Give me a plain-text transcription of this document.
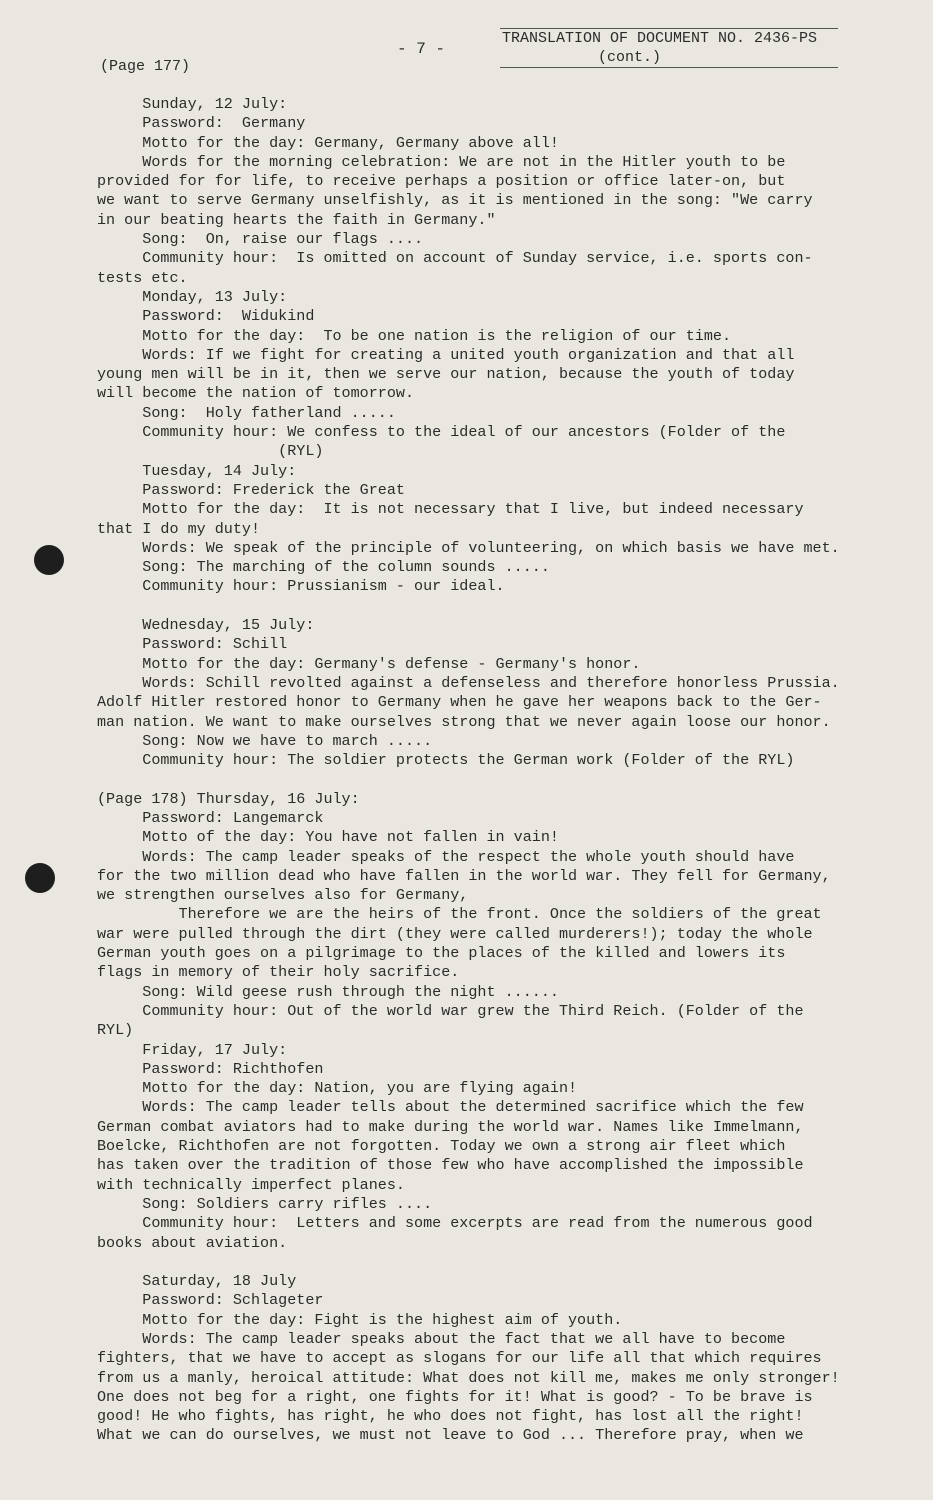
(Page 177)
- 7 -
TRANSLATION OF DOCUMENT NO. 2436-PS
(cont.)
Sunday, 12 July:
Password:  Germany
Motto for the day: Germany, Germany above all!
Words for the morning celebration: We are not in the Hitler youth to be
provided for for life, to receive perhaps a position or office later-on, but
we want to serve Germany unselfishly, as it is mentioned in the song: "We carry
in our beating hearts the faith in Germany."
Song:  On, raise our flags ....
Community hour:  Is omitted on account of Sunday service, i.e. sports con-
tests etc.
Monday, 13 July:
Password:  Widukind
Motto for the day:  To be one nation is the religion of our time.
Words: If we fight for creating a united youth organization and that all
young men will be in it, then we serve our nation, because the youth of today
will become the nation of tomorrow.
Song:  Holy fatherland .....
Community hour: We confess to the ideal of our ancestors (Folder of the
(RYL)
Tuesday, 14 July:
Password: Frederick the Great
Motto for the day:  It is not necessary that I live, but indeed necessary
that I do my duty!
Words: We speak of the principle of volunteering, on which basis we have met.
Song: The marching of the column sounds .....
Community hour: Prussianism - our ideal.
Wednesday, 15 July:
Password: Schill
Motto for the day: Germany's defense - Germany's honor.
Words: Schill revolted against a defenseless and therefore honorless Prussia.
Adolf Hitler restored honor to Germany when he gave her weapons back to the Ger-
man nation. We want to make ourselves strong that we never again loose our honor.
Song: Now we have to march .....
Community hour: The soldier protects the German work (Folder of the RYL)
(Page 178) Thursday, 16 July:
Password: Langemarck
Motto of the day: You have not fallen in vain!
Words: The camp leader speaks of the respect the whole youth should have
for the two million dead who have fallen in the world war. They fell for Germany,
we strengthen ourselves also for Germany,
Therefore we are the heirs of the front. Once the soldiers of the great
war were pulled through the dirt (they were called murderers!); today the whole
German youth goes on a pilgrimage to the places of the killed and lowers its
flags in memory of their holy sacrifice.
Song: Wild geese rush through the night ......
Community hour: Out of the world war grew the Third Reich. (Folder of the
RYL)
Friday, 17 July:
Password: Richthofen
Motto for the day: Nation, you are flying again!
Words: The camp leader tells about the determined sacrifice which the few
German combat aviators had to make during the world war. Names like Immelmann,
Boelcke, Richthofen are not forgotten. Today we own a strong air fleet which
has taken over the tradition of those few who have accomplished the impossible
with technically imperfect planes.
Song: Soldiers carry rifles ....
Community hour:  Letters and some excerpts are read from the numerous good
books about aviation.
Saturday, 18 July
Password: Schlageter
Motto for the day: Fight is the highest aim of youth.
Words: The camp leader speaks about the fact that we all have to become
fighters, that we have to accept as slogans for our life all that which requires
from us a manly, heroical attitude: What does not kill me, makes me only stronger!
One does not beg for a right, one fights for it! What is good? - To be brave is
good! He who fights, has right, he who does not fight, has lost all the right!
What we can do ourselves, we must not leave to God ... Therefore pray, when we
